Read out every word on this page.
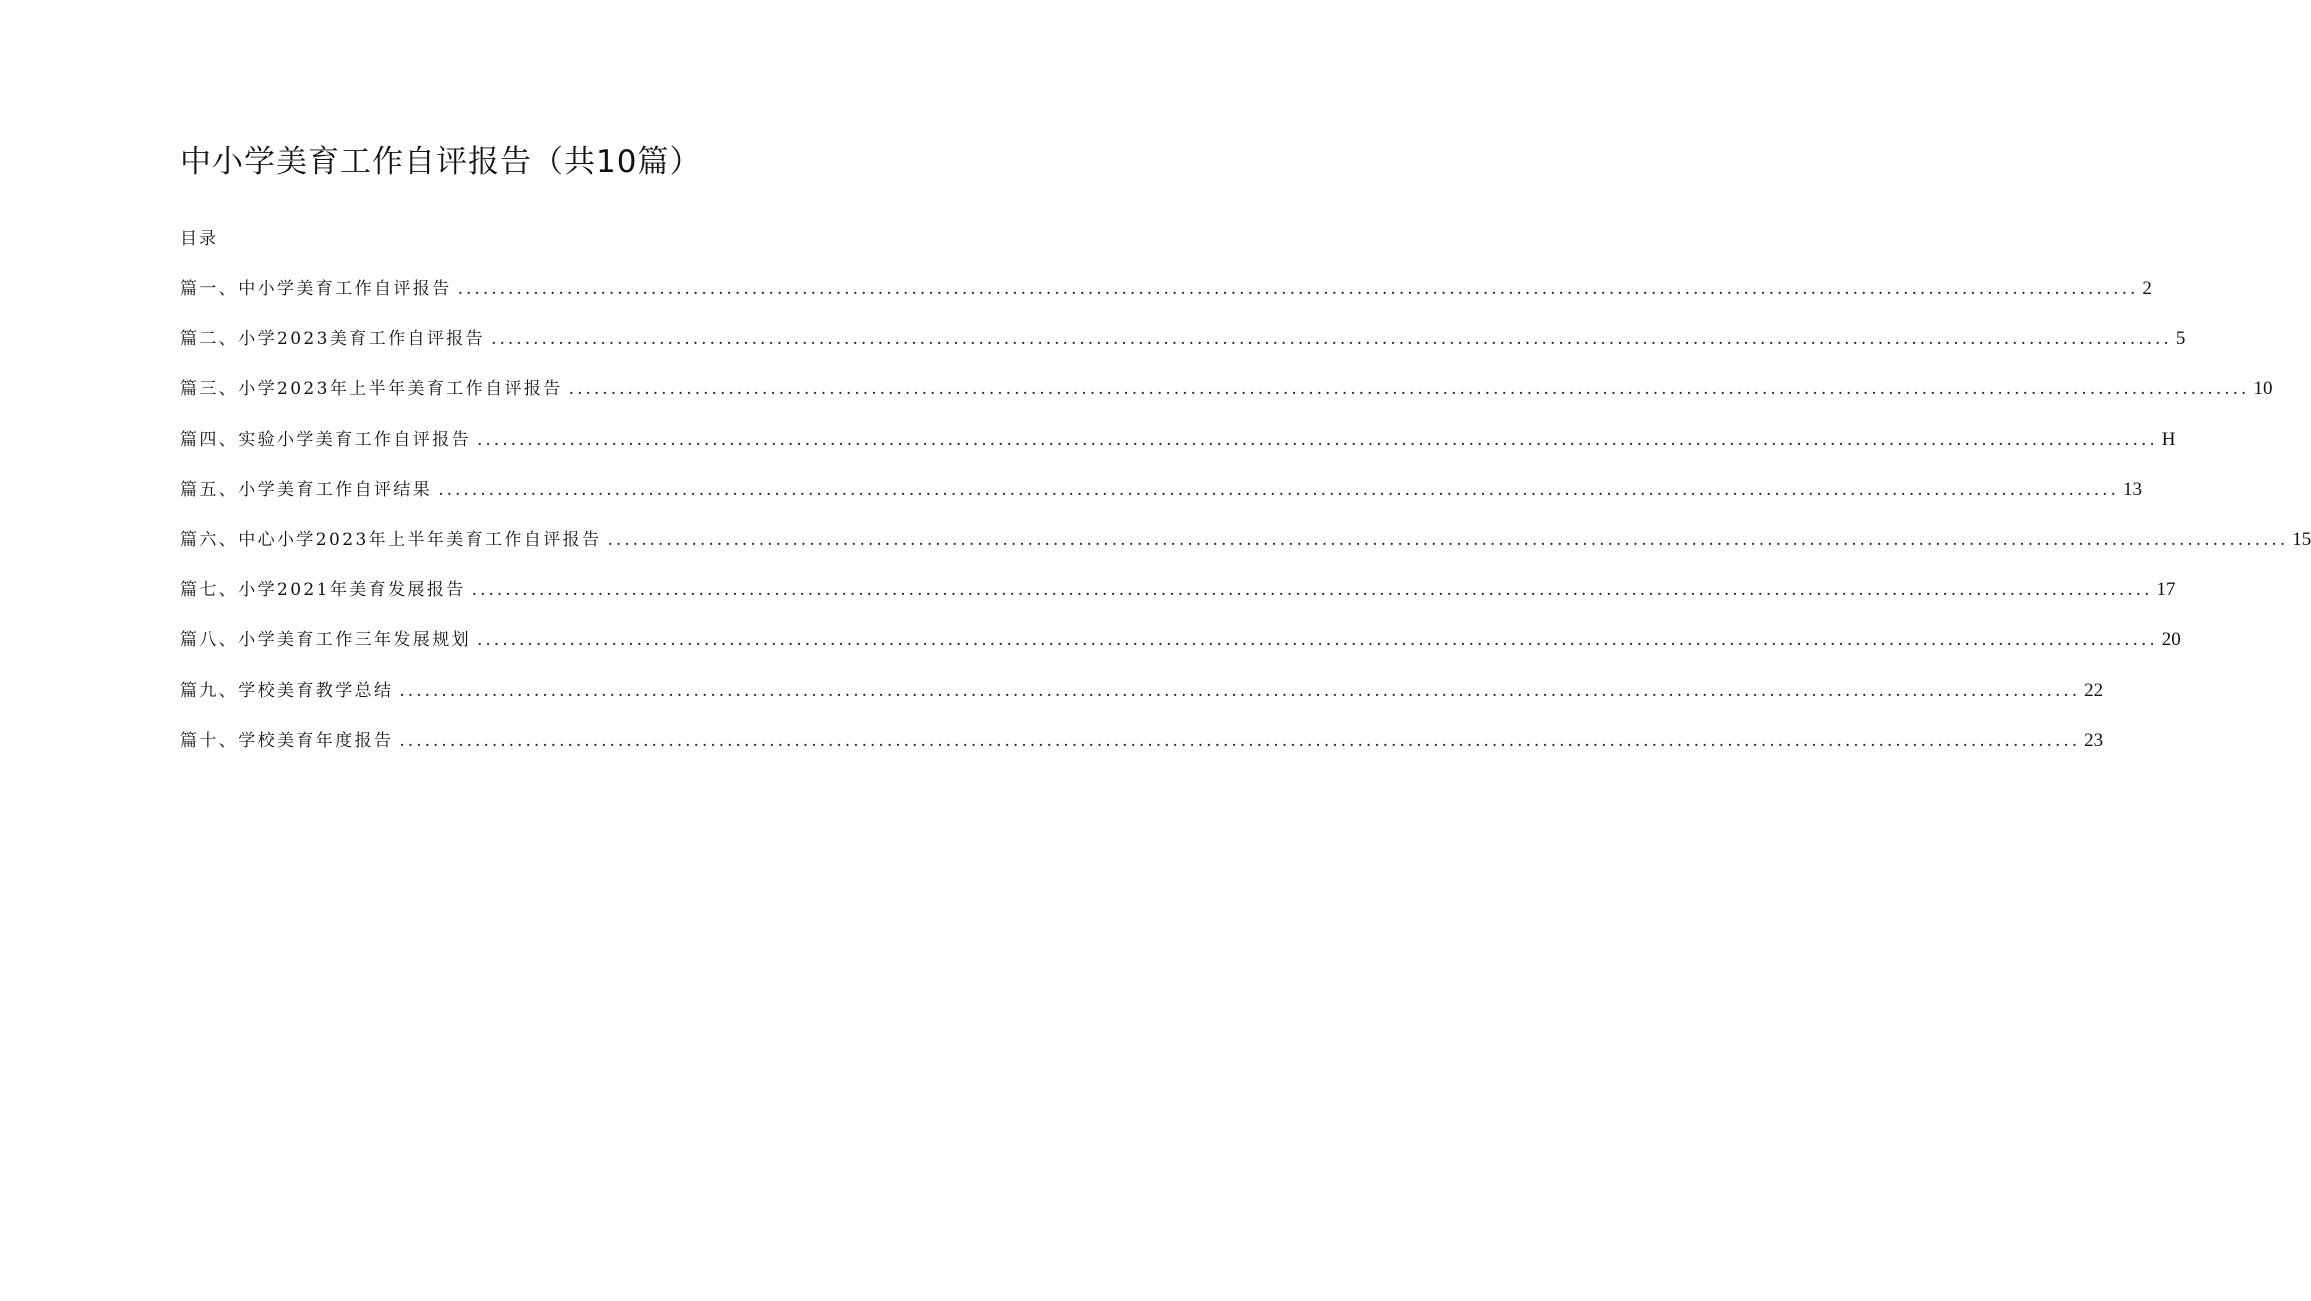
中小学美育工作自评报告（共10篇）
目录
篇一、中小学美育工作自评报告 ........................................................................................................................................................................................................ 2
篇二、小学2023美育工作自评报告 ........................................................................................................................................................................................................ 5
篇三、小学2023年上半年美育工作自评报告 ........................................................................................................................................................................................................ 10
篇四、实验小学美育工作自评报告 ........................................................................................................................................................................................................ H
篇五、小学美育工作自评结果 ........................................................................................................................................................................................................ 13
篇六、中心小学2023年上半年美育工作自评报告 ........................................................................................................................................................................................................ 15
篇七、小学2021年美育发展报告 ........................................................................................................................................................................................................ 17
篇八、小学美育工作三年发展规划 ........................................................................................................................................................................................................ 20
篇九、学校美育教学总结 ........................................................................................................................................................................................................ 22
篇十、学校美育年度报告 ........................................................................................................................................................................................................ 23
